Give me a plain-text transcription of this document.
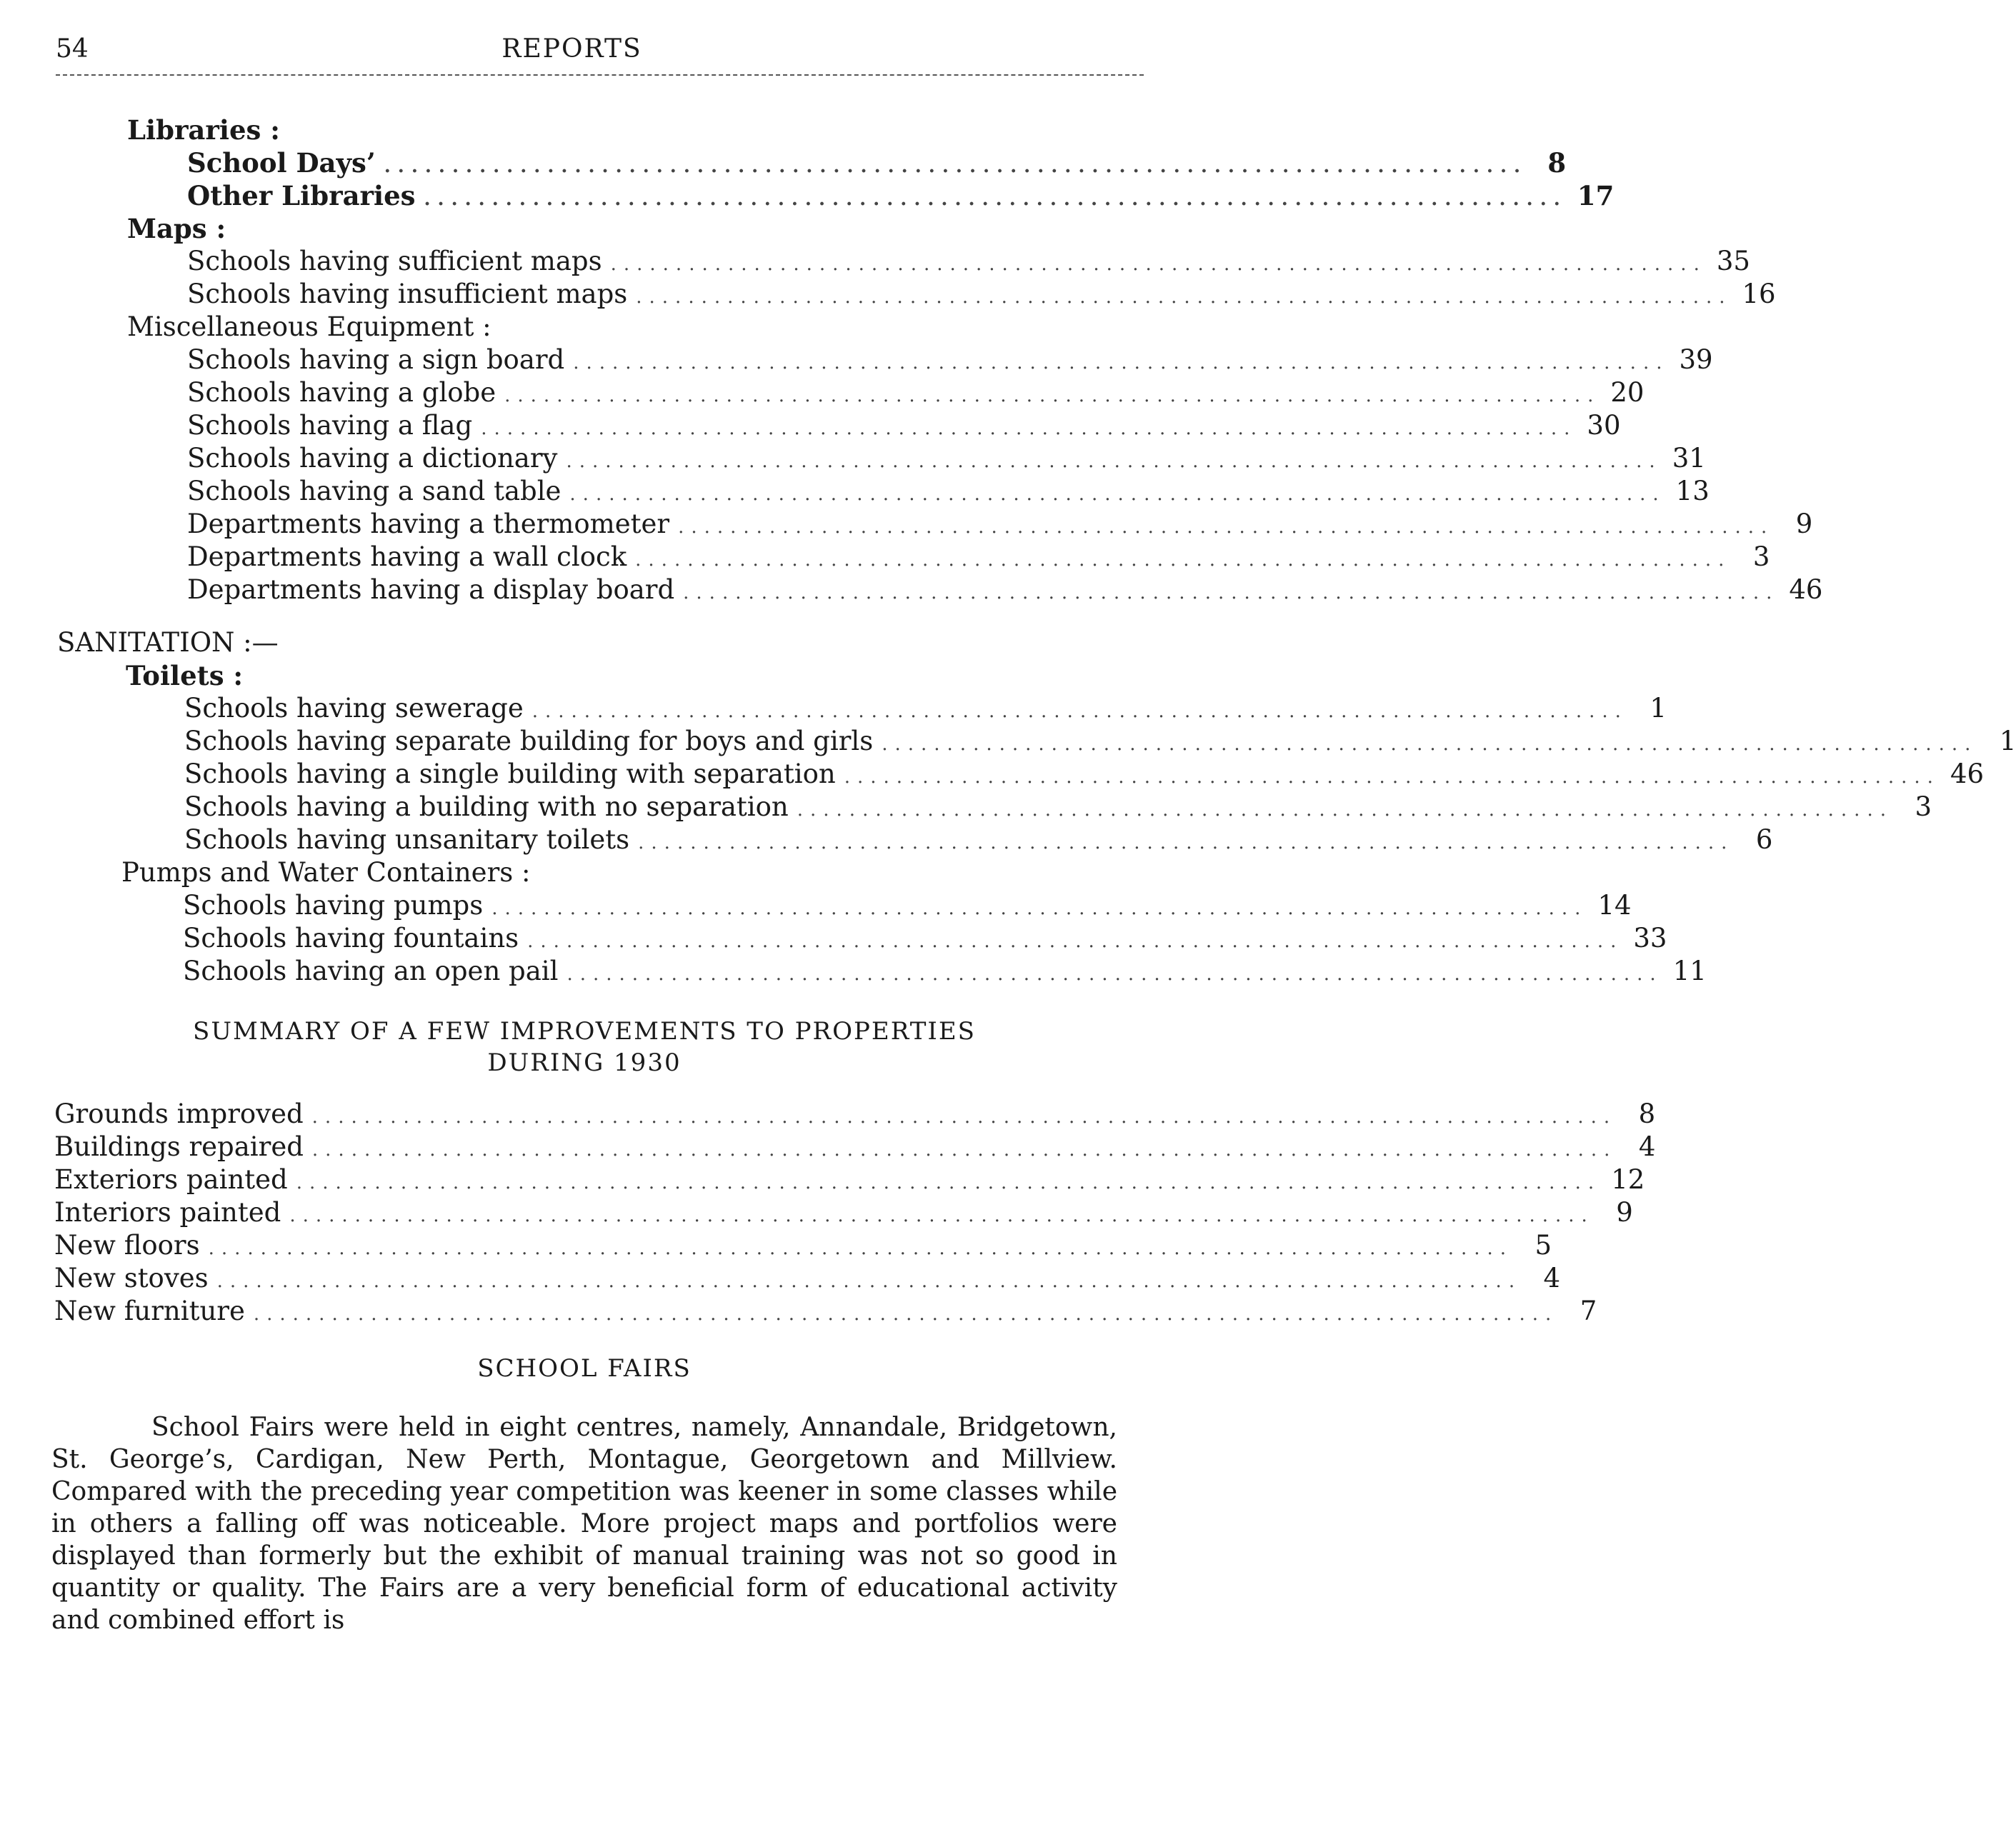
54	REPORTS
Libraries :
School Days’ .................................................................................... 8
Other Libraries .................................................................................... 17
Maps :
Schools having sufficient maps .................................................................................... 35
Schools having insufficient maps .................................................................................... 16
Miscellaneous Equipment :
Schools having a sign board .................................................................................... 39
Schools having a globe .................................................................................... 20
Schools having a flag .................................................................................... 30
Schools having a dictionary .................................................................................... 31
Schools having a sand table .................................................................................... 13
Departments having a thermometer .................................................................................... 9
Departments having a wall clock .................................................................................... 3
Departments having a display board .................................................................................... 46
SANITATION :—
Toilets :
Schools having sewerage .................................................................................... 1
Schools having separate building for boys and girls .................................................................................... 1
Schools having a single building with separation .................................................................................... 46
Schools having a building with no separation .................................................................................... 3
Schools having unsanitary toilets .................................................................................... 6
Pumps and Water Containers :
Schools having pumps .................................................................................... 14
Schools having fountains .................................................................................... 33
Schools having an open pail .................................................................................... 11
SUMMARY OF A FEW IMPROVEMENTS TO PROPERTIES
DURING 1930
Grounds improved .................................................................................................... 8
Buildings repaired .................................................................................................... 4
Exteriors painted .................................................................................................... 12
Interiors painted .................................................................................................... 9
New floors .................................................................................................... 5
New stoves .................................................................................................... 4
New furniture .................................................................................................... 7
SCHOOL FAIRS
School Fairs were held in eight centres, namely, Annandale, Bridgetown, St. George’s, Cardigan, New Perth, Montague, Georgetown and Millview. Compared with the preceding year competition was keener in some classes while in others a falling off was noticeable. More project maps and portfolios were displayed than formerly but the exhibit of manual training was not so good in quantity or quality. The Fairs are a very beneficial form of educational activity and combined effort is
